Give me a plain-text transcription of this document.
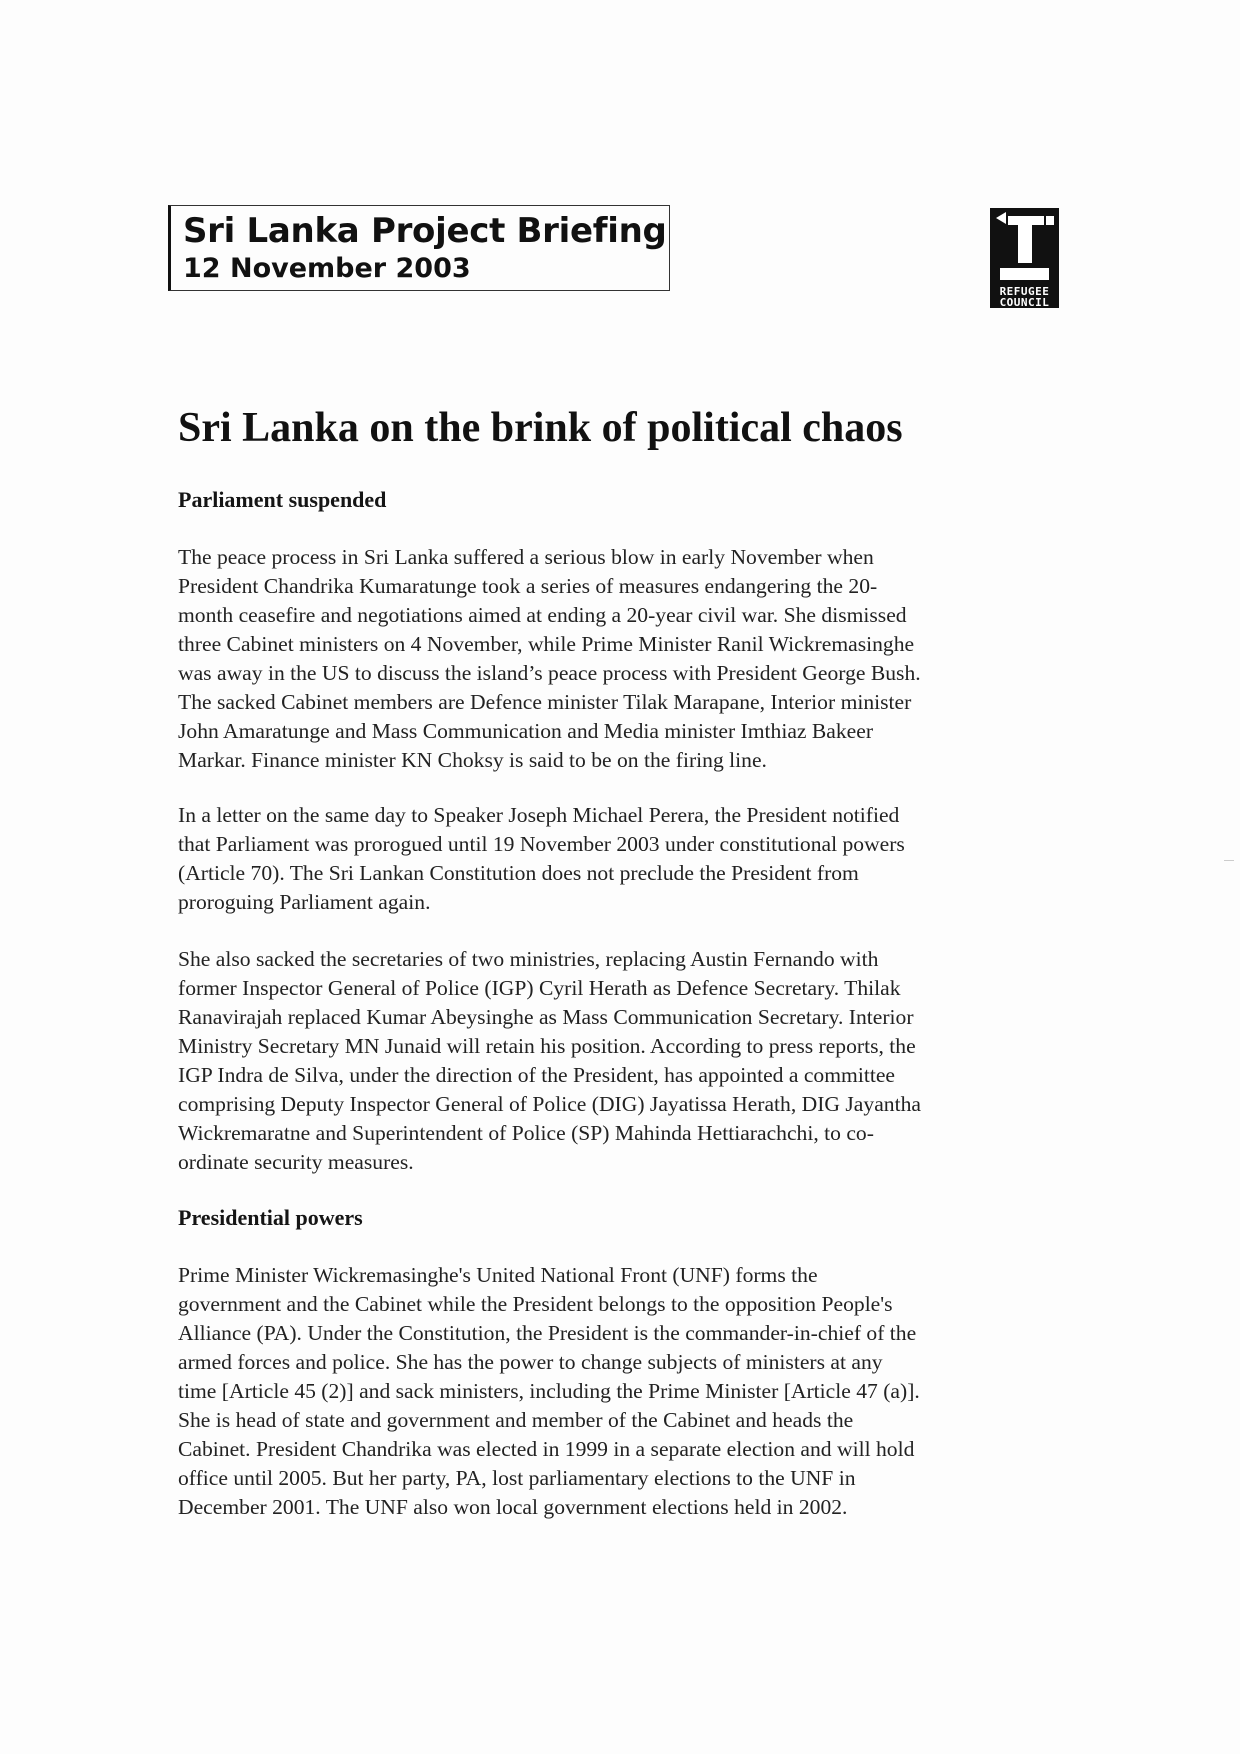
Sri Lanka Project Briefing
12 November 2003
REFUGEE
COUNCIL
Sri Lanka on the brink of political chaos
Parliament suspended
The peace process in Sri Lanka suffered a serious blow in early November when
President Chandrika Kumaratunge took a series of measures endangering the 20-
month ceasefire and negotiations aimed at ending a 20-year civil war. She dismissed
three Cabinet ministers on 4 November, while Prime Minister Ranil Wickremasinghe
was away in the US to discuss the island’s peace process with President George Bush.
The sacked Cabinet members are Defence minister Tilak Marapane, Interior minister
John Amaratunge and Mass Communication and Media minister Imthiaz Bakeer
Markar. Finance minister KN Choksy is said to be on the firing line.
In a letter on the same day to Speaker Joseph Michael Perera, the President notified
that Parliament was prorogued until 19 November 2003 under constitutional powers
(Article 70). The Sri Lankan Constitution does not preclude the President from
proroguing Parliament again.
She also sacked the secretaries of two ministries, replacing Austin Fernando with
former Inspector General of Police (IGP) Cyril Herath as Defence Secretary. Thilak
Ranavirajah replaced Kumar Abeysinghe as Mass Communication Secretary. Interior
Ministry Secretary MN Junaid will retain his position. According to press reports, the
IGP Indra de Silva, under the direction of the President, has appointed a committee
comprising Deputy Inspector General of Police (DIG) Jayatissa Herath, DIG Jayantha
Wickremaratne and Superintendent of Police (SP) Mahinda Hettiarachchi, to co-
ordinate security measures.
Presidential powers
Prime Minister Wickremasinghe's United National Front (UNF) forms the
government and the Cabinet while the President belongs to the opposition People's
Alliance (PA). Under the Constitution, the President is the commander-in-chief of the
armed forces and police. She has the power to change subjects of ministers at any
time [Article 45 (2)] and sack ministers, including the Prime Minister [Article 47 (a)].
She is head of state and government and member of the Cabinet and heads the
Cabinet. President Chandrika was elected in 1999 in a separate election and will hold
office until 2005. But her party, PA, lost parliamentary elections to the UNF in
December 2001. The UNF also won local government elections held in 2002.
